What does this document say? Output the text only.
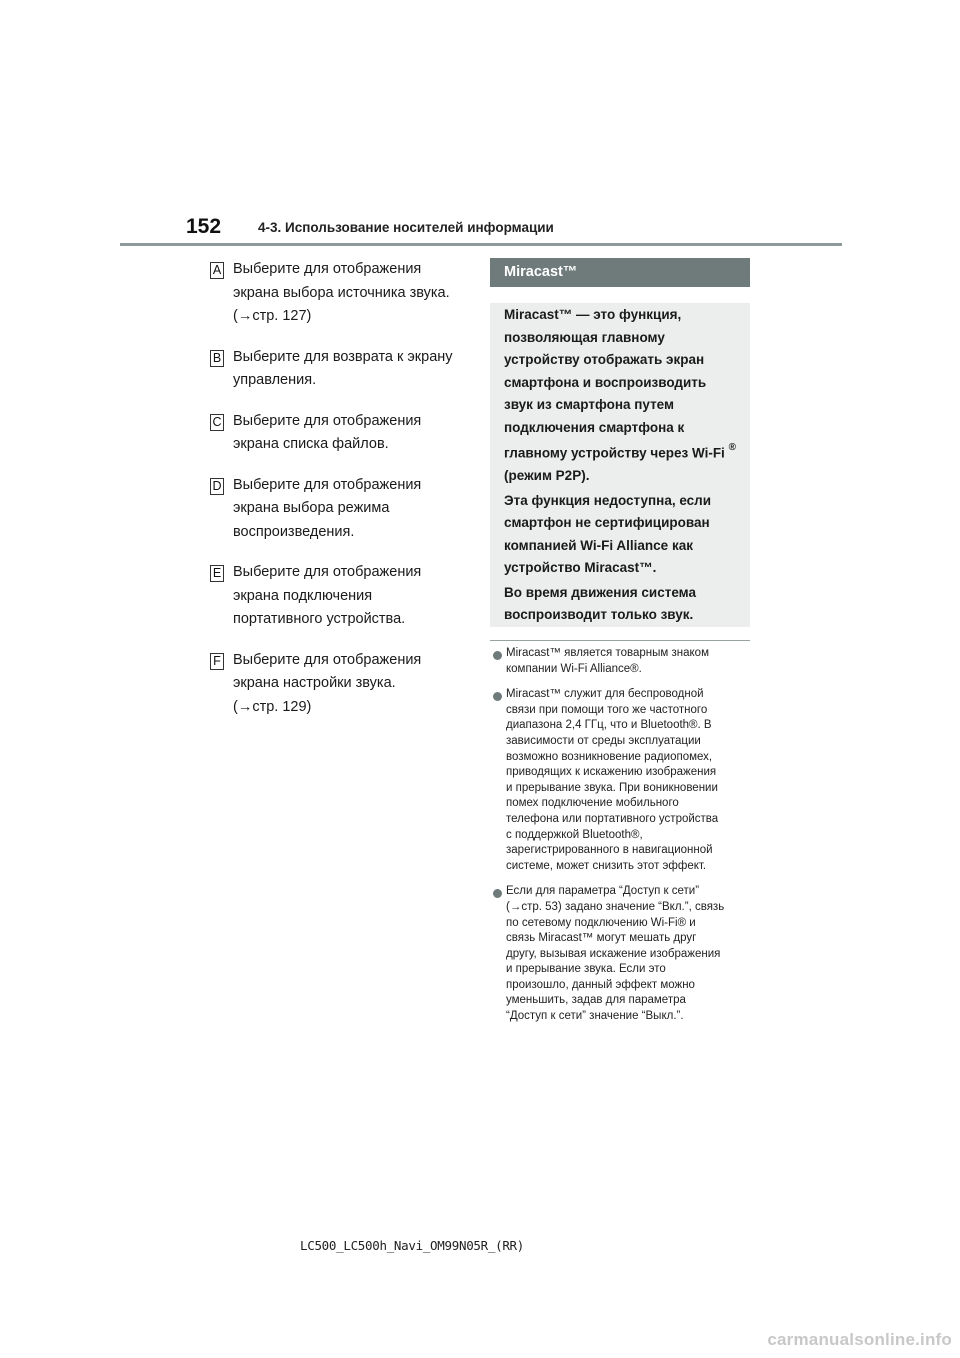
152	4-3. Использование носителей информации
A Выберите для отображения
экрана выбора источника звука.
(→стр. 127)
B Выберите для возврата к экрану
управления.
C Выберите для отображения
экрана списка файлов.
D Выберите для отображения
экрана выбора режима
воспроизведения.
E Выберите для отображения
экрана подключения
портативного устройства.
F Выберите для отображения
экрана настройки звука.
(→стр. 129)
Miracast™

Miracast™ — это функция,
позволяющая главному
устройству отображать экран
смартфона и воспроизводить
звук из смартфона путем
подключения смартфона к
главному устройству через Wi-Fi ®
(режим P2P).

Эта функция недоступна, если
смартфон не сертифицирован
компанией Wi-Fi Alliance как
устройство Miracast™.

Во время движения система
воспроизводит только звук.

Miracast™ является товарным знаком
компании Wi-Fi Alliance®.
Miracast™ служит для беспроводной
связи при помощи того же частотного
диапазона 2,4 ГГц, что и Bluetooth®. В
зависимости от среды эксплуатации
возможно возникновение радиопомех,
приводящих к искажению изображения
и прерывание звука. При вoникновении
помех подключение мобильного
телефона или портативного устройства
с поддержкой Bluetooth®,
зарегистрированного в навигационной
системе, может снизить этот эффект.
Если для параметра “Доступ к сети”
(→стр. 53) задано значение “Вкл.”, связь
по сетевому подключению Wi-Fi® и
связь Miracast™ могут мешать друг
другу, вызывая искажение изображения
и прерывание звука. Если это
произошло, данный эффект можно
уменьшить, задав для параметра
“Доступ к сети” значение “Выкл.”.
LC500_LC500h_Navi_OM99N05R_(RR)
carmanualsonline.info
